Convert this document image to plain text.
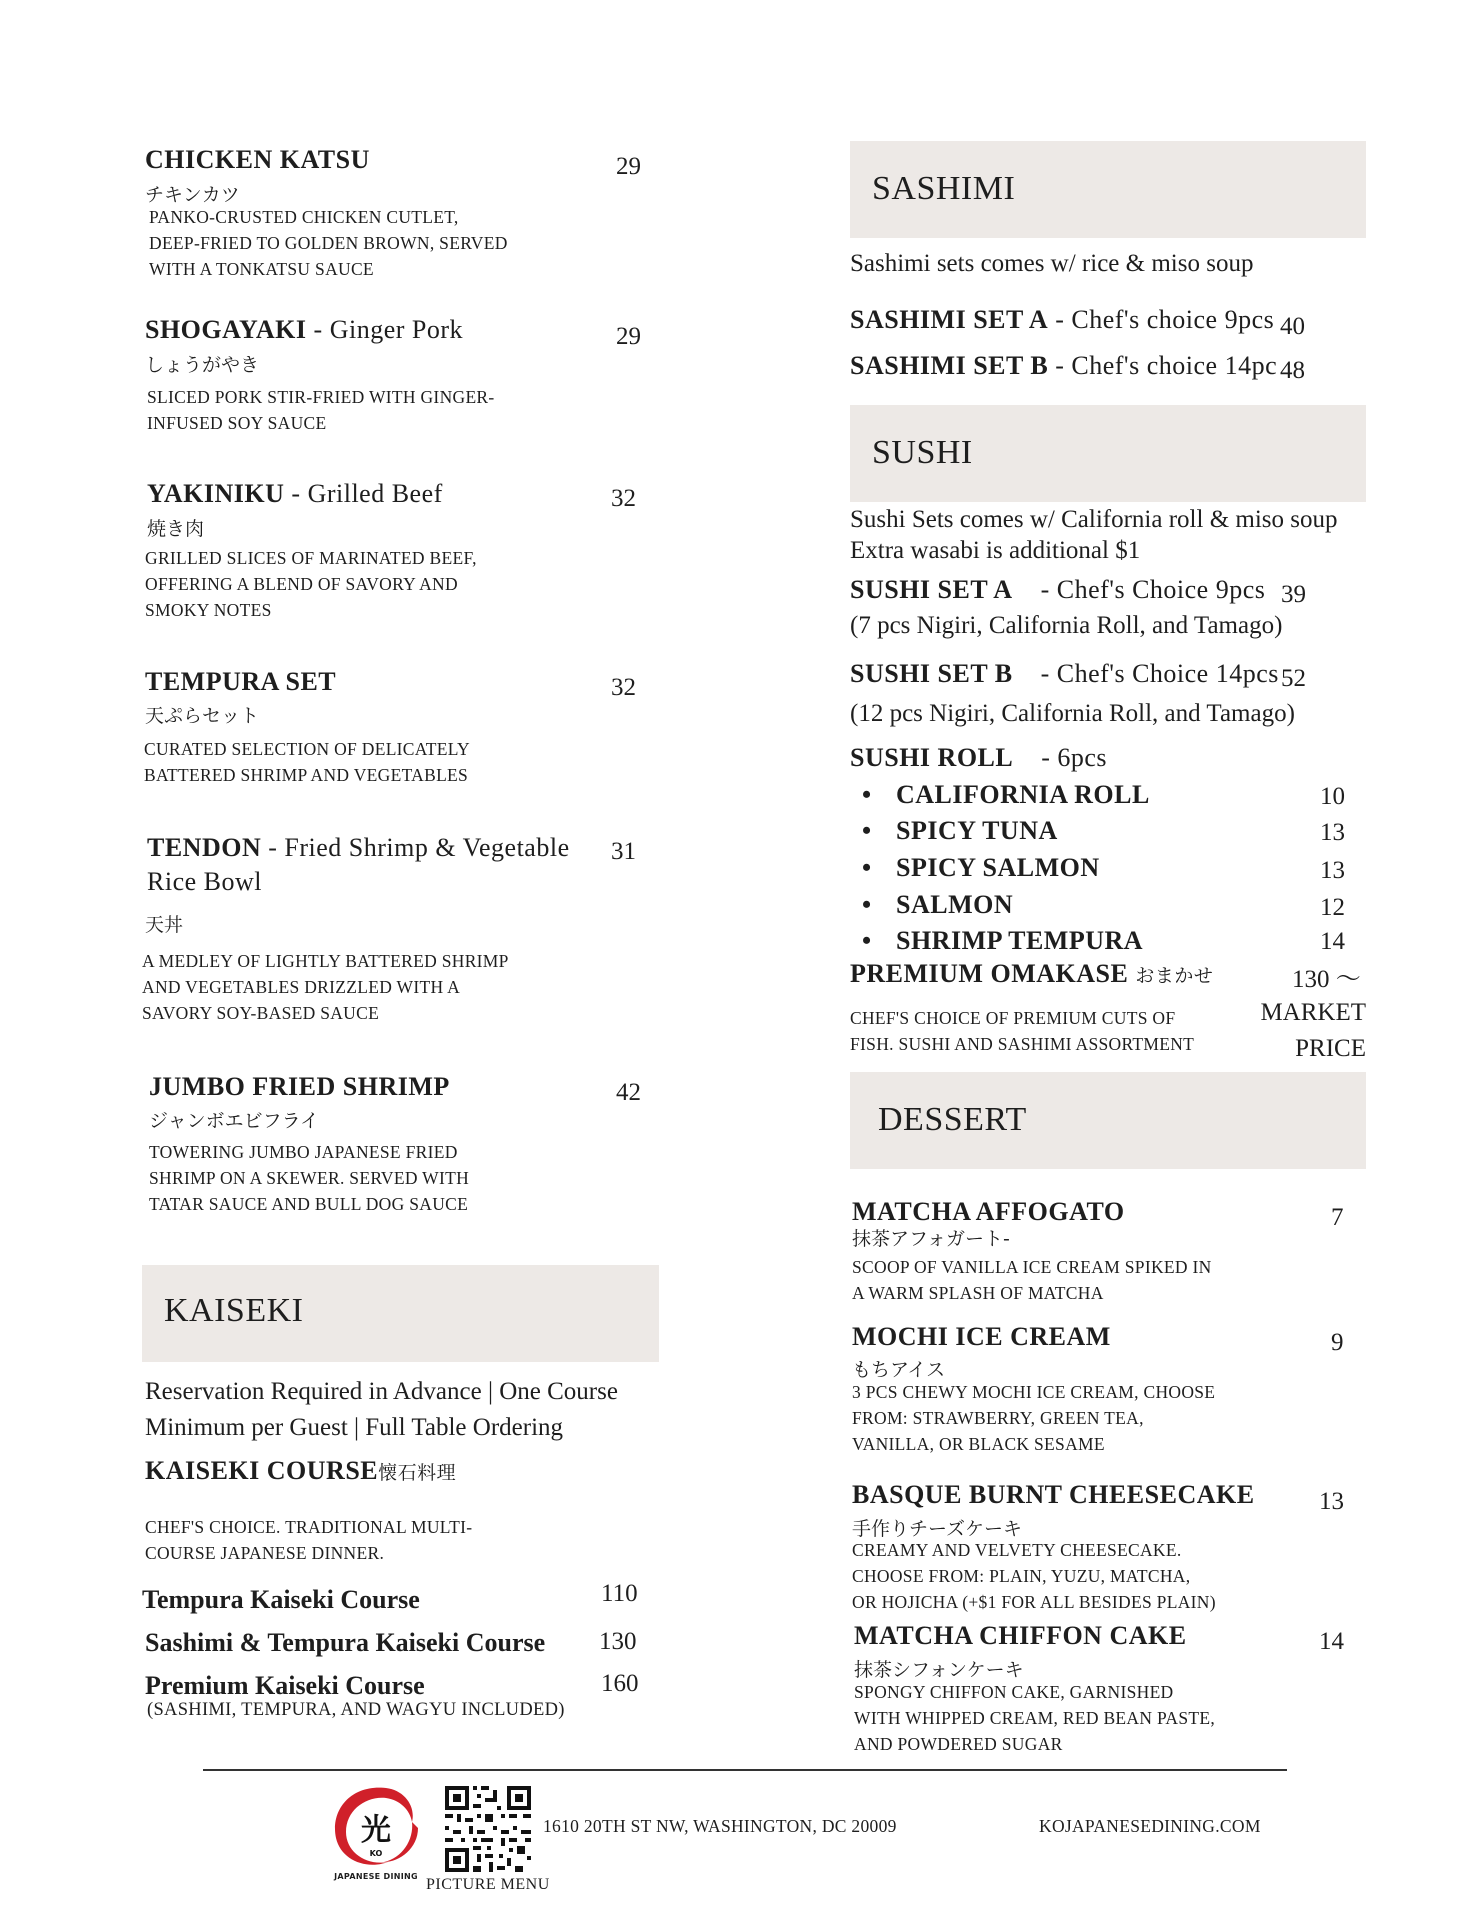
CHICKEN KATSU
チキンカツ
29
PANKO-CRUSTED CHICKEN CUTLET,
DEEP-FRIED TO GOLDEN BROWN, SERVED
WITH A TONKATSU SAUCE
SHOGAYAKI - Ginger Pork
しょうがやき
29
SLICED PORK STIR-FRIED WITH GINGER-
INFUSED SOY SAUCE
YAKINIKU - Grilled Beef
焼き肉
32
GRILLED SLICES OF MARINATED BEEF,
OFFERING A BLEND OF SAVORY AND
SMOKY NOTES
TEMPURA SET
天ぷらセット
32
CURATED SELECTION OF DELICATELY
BATTERED SHRIMP AND VEGETABLES
TENDON - Fried Shrimp & Vegetable
Rice Bowl
天丼
31
A MEDLEY OF LIGHTLY BATTERED SHRIMP
AND VEGETABLES DRIZZLED WITH A
SAVORY SOY-BASED SAUCE
JUMBO FRIED SHRIMP
ジャンボエビフライ
42
TOWERING JUMBO JAPANESE FRIED
SHRIMP ON A SKEWER. SERVED WITH
TATAR SAUCE AND BULL DOG SAUCE
KAISEKI
Reservation Required in Advance | One Course
Minimum per Guest | Full Table Ordering
KAISEKI COURSE懐石料理
CHEF'S CHOICE. TRADITIONAL MULTI-
COURSE JAPANESE DINNER.
Tempura Kaiseki Course	110
Sashimi & Tempura Kaiseki Course 130
Premium Kaiseki Course	160
(SASHIMI, TEMPURA, AND WAGYU INCLUDED)
SASHIMI
Sashimi sets comes w/ rice & miso soup
SASHIMI SET A - Chef's choice 9pcs 40
SASHIMI SET B - Chef's choice 14pc 48
SUSHI
Sushi Sets comes w/ California roll & miso soup
Extra wasabi is additional $1
SUSHI SET A - Chef's Choice 9pcs 39
(7 pcs Nigiri, California Roll, and Tamago)
SUSHI SET B - Chef's Choice 14pcs 52
(12 pcs Nigiri, California Roll, and Tamago)
SUSHI ROLL - 6pcs
• CALIFORNIA ROLL	10
• SPICY TUNA	13
• SPICY SALMON	13
• SALMON	12
• SHRIMP TEMPURA	14
PREMIUM OMAKASE おまかせ	130 〜
CHEF'S CHOICE OF PREMIUM CUTS OF
FISH. SUSHI AND SASHIMI ASSORTMENT
MARKET
PRICE
DESSERT
MATCHA AFFOGATO
抹茶アフォガート-
7
SCOOP OF VANILLA ICE CREAM SPIKED IN
A WARM SPLASH OF MATCHA
MOCHI ICE CREAM
もちアイス
9
3 PCS CHEWY MOCHI ICE CREAM, CHOOSE
FROM: STRAWBERRY, GREEN TEA,
VANILLA, OR BLACK SESAME
BASQUE BURNT CHEESECAKE
手作りチーズケーキ
13
CREAMY AND VELVETY CHEESECAKE.
CHOOSE FROM: PLAIN, YUZU, MATCHA,
OR HOJICHA (+$1 FOR ALL BESIDES PLAIN)
MATCHA CHIFFON CAKE
抹茶シフォンケーキ
14
SPONGY CHIFFON CAKE, GARNISHED
WITH WHIPPED CREAM, RED BEAN PASTE,
AND POWDERED SUGAR
光
KO
JAPANESE DINING PICTURE MENU
1610 20TH ST NW, WASHINGTON, DC 20009	KOJAPANESEDINING.COM
